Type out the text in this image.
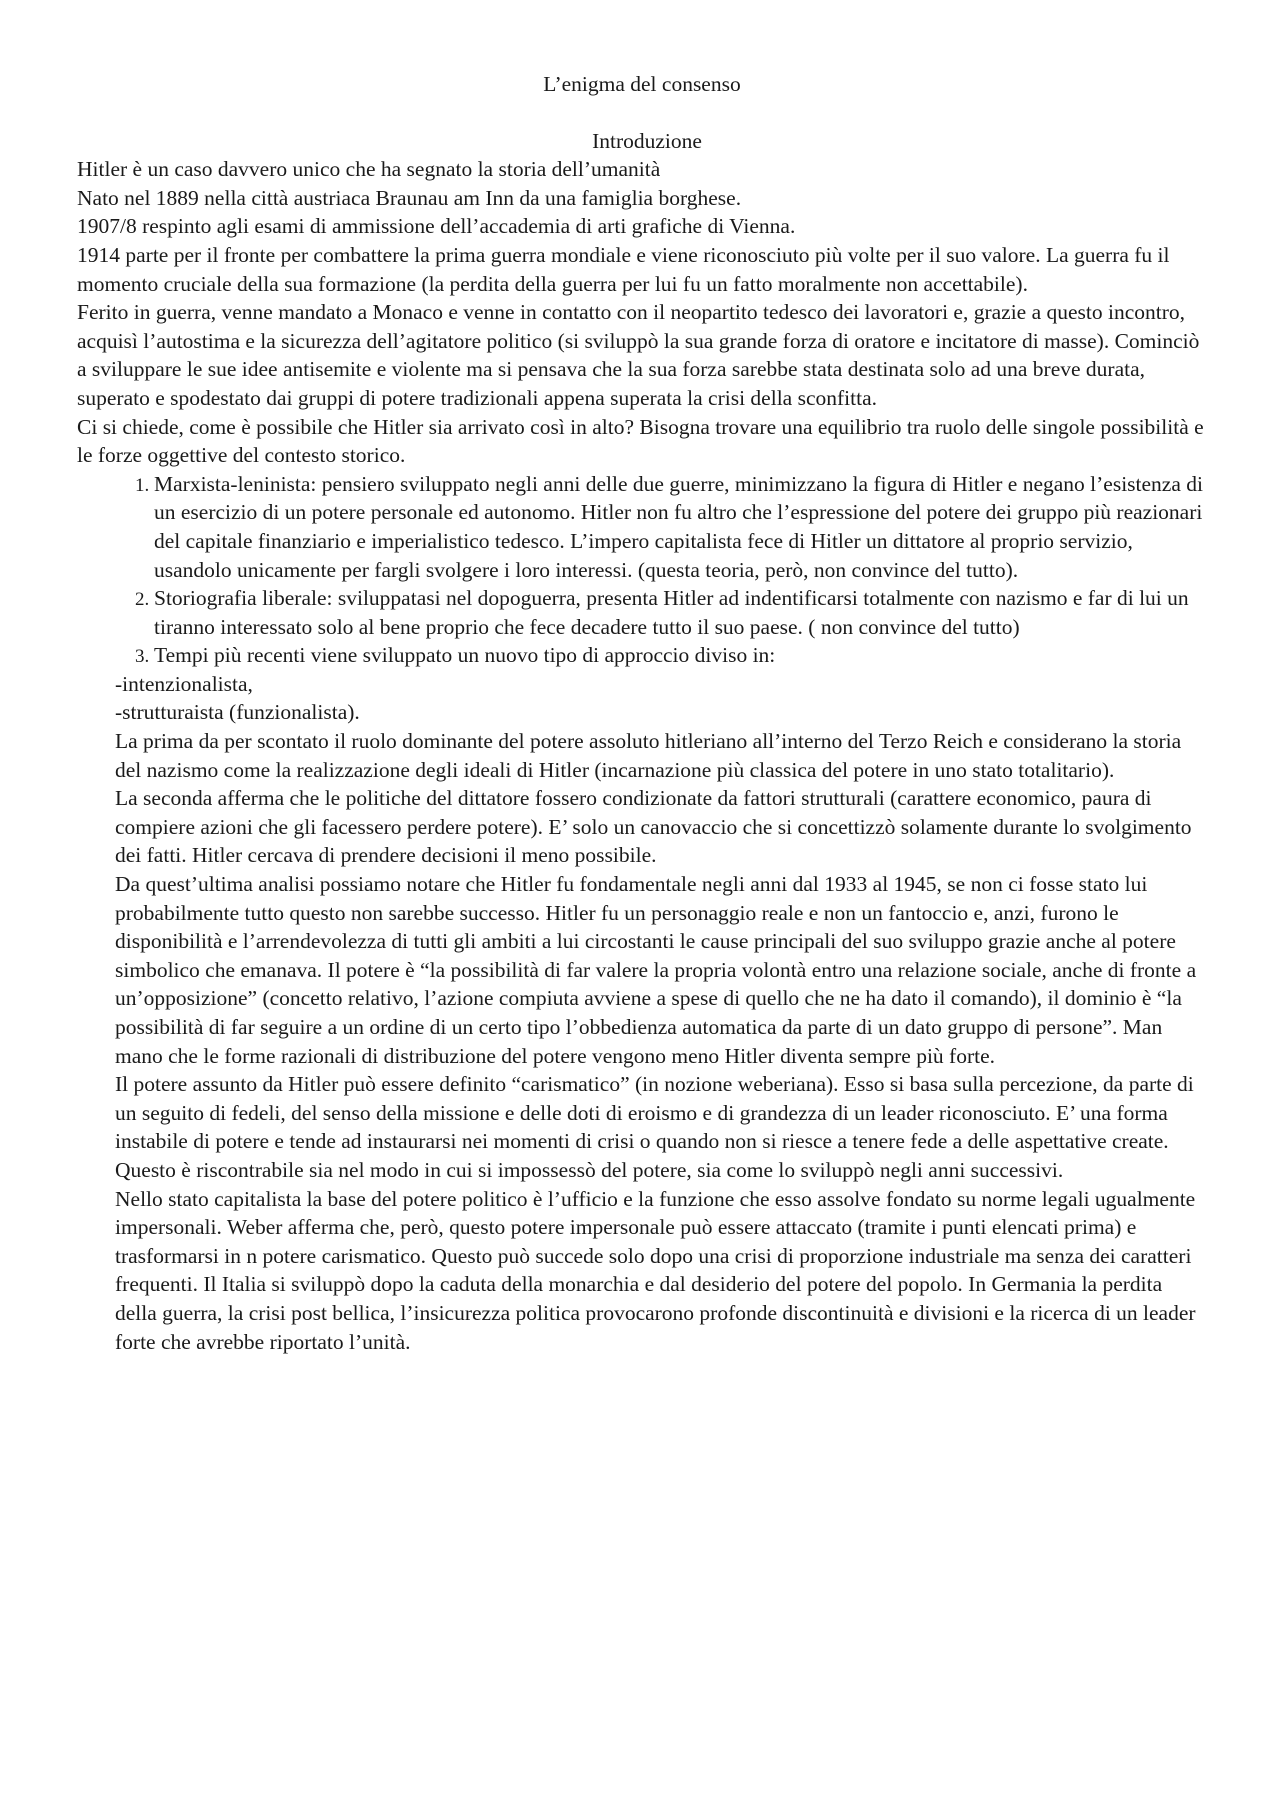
L’enigma del consenso

Introduzione

Hitler è un caso davvero unico che ha segnato la storia dell’umanità

Nato nel 1889 nella città austriaca Braunau am Inn da una famiglia borghese.

1907/8 respinto agli esami di ammissione dell’accademia di arti grafiche di Vienna.

1914 parte per il fronte per combattere la prima guerra mondiale e viene riconosciuto più volte per il suo valore. La guerra fu il momento cruciale della sua formazione (la perdita della guerra per lui fu un fatto moralmente non accettabile).

Ferito in guerra, venne mandato a Monaco e venne in contatto con il neopartito tedesco dei lavoratori e, grazie a questo incontro, acquisì l’autostima e la sicurezza dell’agitatore politico (si sviluppò la sua grande forza di oratore e incitatore di masse). Cominciò a sviluppare le sue idee antisemite e violente ma si pensava che la sua forza sarebbe stata destinata solo ad una breve durata, superato e spodestato dai gruppi di potere tradizionali appena superata la crisi della sconfitta.

Ci si chiede, come è possibile che Hitler sia arrivato così in alto? Bisogna trovare una equilibrio tra ruolo delle singole possibilità e le forze oggettive del contesto storico.

1. Marxista-leninista: pensiero sviluppato negli anni delle due guerre, minimizzano la figura di Hitler e negano l’esistenza di un esercizio di un potere personale ed autonomo. Hitler non fu altro che l’espressione del potere dei gruppo più reazionari del capitale finanziario e imperialistico tedesco. L’impero capitalista fece di Hitler un dittatore al proprio servizio, usandolo unicamente per fargli svolgere i loro interessi. (questa teoria, però, non convince del tutto).
2. Storiografia liberale: sviluppatasi nel dopoguerra, presenta Hitler ad indentificarsi totalmente con nazismo e far di lui un tiranno interessato solo al bene proprio che fece decadere tutto il suo paese. ( non convince del tutto)
3. Tempi più recenti viene sviluppato un nuovo tipo di approccio diviso in:

-intenzionalista,

-strutturaista (funzionalista).

La prima da per scontato il ruolo dominante del potere assoluto hitleriano all’interno del Terzo Reich e considerano la storia del nazismo come la realizzazione degli ideali di Hitler (incarnazione più classica del potere in uno stato totalitario).

La seconda afferma che le politiche del dittatore fossero condizionate da fattori strutturali (carattere economico, paura di compiere azioni che gli facessero perdere potere). E’ solo un canovaccio che si concettizzò solamente durante lo svolgimento dei fatti. Hitler cercava di prendere decisioni il meno possibile.

Da quest’ultima analisi possiamo notare che Hitler fu fondamentale negli anni dal 1933 al 1945, se non ci fosse stato lui probabilmente tutto questo non sarebbe successo. Hitler fu un personaggio reale e non un fantoccio e, anzi, furono le disponibilità e l’arrendevolezza di tutti gli ambiti a lui circostanti le cause principali del suo sviluppo grazie anche al potere simbolico che emanava. Il potere è “la possibilità di far valere la propria volontà entro una relazione sociale, anche di fronte a un’opposizione” (concetto relativo, l’azione compiuta avviene a spese di quello che ne ha dato il comando), il dominio è “la possibilità di far seguire a un ordine di un certo tipo l’obbedienza automatica da parte di un dato gruppo di persone”. Man mano che le forme razionali di distribuzione del potere vengono meno Hitler diventa sempre più forte.

Il potere assunto da Hitler può essere definito “carismatico” (in nozione weberiana). Esso si basa sulla percezione, da parte di un seguito di fedeli, del senso della missione e delle doti di eroismo e di grandezza di un leader riconosciuto. E’ una forma instabile di potere e tende ad instaurarsi nei momenti di crisi o quando non si riesce a tenere fede a delle aspettative create. Questo è riscontrabile sia nel modo in cui si impossessò del potere, sia come lo sviluppò negli anni successivi.

Nello stato capitalista la base del potere politico è l’ufficio e la funzione che esso assolve fondato su norme legali ugualmente impersonali. Weber afferma che, però, questo potere impersonale può essere attaccato (tramite i punti elencati prima) e trasformarsi in n potere carismatico. Questo può succede solo dopo una crisi di proporzione industriale ma senza dei caratteri frequenti. Il Italia si sviluppò dopo la caduta della monarchia e dal desiderio del potere del popolo. In Germania la perdita della guerra, la crisi post bellica, l’insicurezza politica provocarono profonde discontinuità e divisioni e la ricerca di un leader forte che avrebbe riportato l’unità.
